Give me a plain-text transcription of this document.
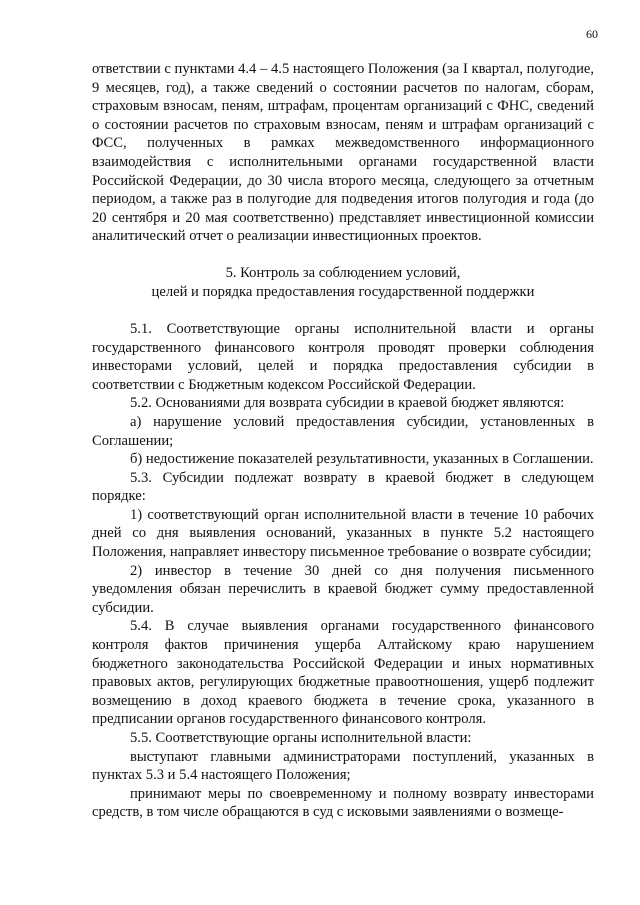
60

ответствии с пунктами 4.4 – 4.5 настоящего Положения (за I квартал, полугодие, 9 месяцев, год), а также сведений о состоянии расчетов по налогам, сборам, страховым взносам, пеням, штрафам, процентам организаций с ФНС, сведений о состоянии расчетов по страховым взносам, пеням и штрафам организаций с ФСС, полученных в рамках межведомственного информационного взаимодействия с исполнительными органами государственной власти Российской Федерации, до 30 числа второго месяца, следующего за отчетным периодом, а также раз в полугодие для подведения итогов полугодия и года (до 20 сентября и 20 мая соответственно) представляет инвестиционной комиссии аналитический отчет о реализации инвестиционных проектов.

5. Контроль за соблюдением условий,
целей и порядка предоставления государственной поддержки

5.1. Соответствующие органы исполнительной власти и органы государственного финансового контроля проводят проверки соблюдения инвесторами условий, целей и порядка предоставления субсидии в соответствии с Бюджетным кодексом Российской Федерации.

5.2. Основаниями для возврата субсидии в краевой бюджет являются:

а) нарушение условий предоставления субсидии, установленных в Соглашении;

б) недостижение показателей результативности, указанных в Соглашении.

5.3. Субсидии подлежат возврату в краевой бюджет в следующем порядке:

1) соответствующий орган исполнительной власти в течение 10 рабочих дней со дня выявления оснований, указанных в пункте 5.2 настоящего Положения, направляет инвестору письменное требование о возврате субсидии;

2) инвестор в течение 30 дней со дня получения письменного уведомления обязан перечислить в краевой бюджет сумму предоставленной субсидии.

5.4. В случае выявления органами государственного финансового контроля фактов причинения ущерба Алтайскому краю нарушением бюджетного законодательства Российской Федерации и иных нормативных правовых актов, регулирующих бюджетные правоотношения, ущерб подлежит возмещению в доход краевого бюджета в течение срока, указанного в предписании органов государственного финансового контроля.

5.5. Соответствующие органы исполнительной власти:

выступают главными администраторами поступлений, указанных в пунктах 5.3 и 5.4 настоящего Положения;

принимают меры по своевременному и полному возврату инвесторами средств, в том числе обращаются в суд с исковыми заявлениями о возмеще-
